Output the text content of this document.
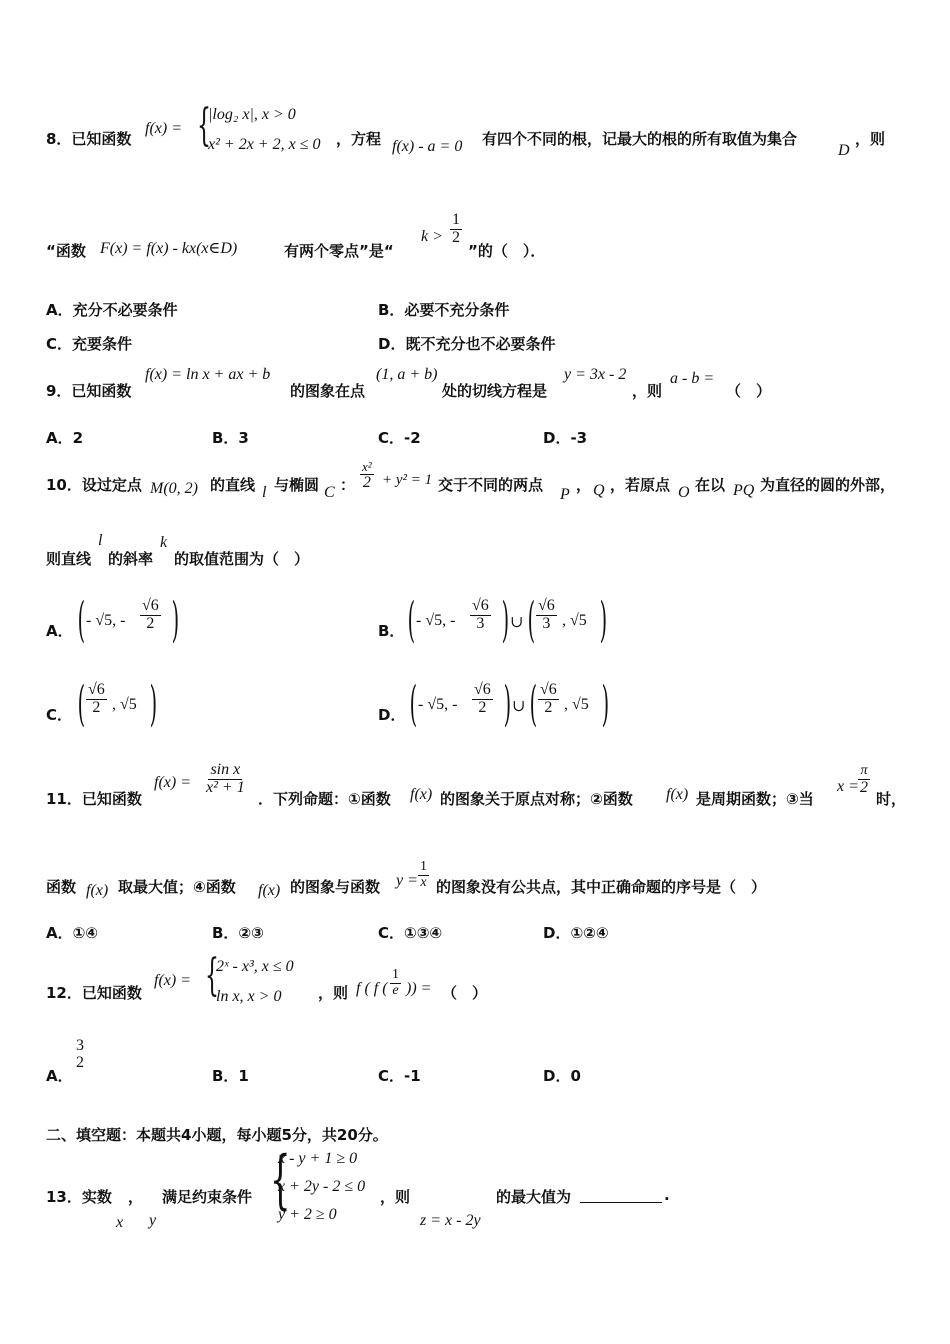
8．已知函数
f(x) = {
|log₂ x|, x > 0
x² + 2x + 2, x ≤ 0 ，方程 f(x) - a = 0 有四个不同的根，记最大的根的所有取值为集合
D
，则
“函数 F(x) = f(x) - kx(x∈D)	有两个零点”是“
$k > \frac{1}{2}$
”的（　）．
A．充分不必要条件	B．必要不充分条件
C．充要条件	D．既不充分也不必要条件
9．已知函数
f(x) = ln x + ax + b
的图象在点
(1, a + b)
处的切线方程是
y = 3x - 2
，则
a - b =
（　）
A．2	B．3	C．-2	D．-3
10．设过定点 M(0, 2) 的直线 l 与椭圆 C ：
x²
2 + y² = 1 交于不同的两点
P
， Q ，若原点 O 在以 PQ 为直径的圆的外部，
则直线
l
的斜率
k
的取值范围为（　）
A． ( - √5, - $\frac{√6}{2}$ )	B． ( - √5, - $\frac{√6}{3}$ ) ∪ ( $\frac{√6}{3}$ , √5 )
C． ( $\frac{√6}{2}$ , √5 )	D． ( - √5, - $\frac{√6}{2}$ ) ∪ ( $\frac{√6}{2}$ , √5 )
11．已知函数
$f(x) = \frac{\text{sin x}}{\text{x² + 1}}$
．下列命题：①函数 f(x) 的图象关于原点对称；②函数 f(x) 是周期函数；③当
$x = \frac{\pi}{2}$
时，
函数 f(x) 取最大值；④函数 f(x) 的图象与函数 $y = \frac{1}{x}$ 的图象没有公共点，其中正确命题的序号是（　）
A．①④	B．②③	C．①③④	D．①②④
12．已知函数
f(x) = {
2ˣ - x³, x ≤ 0
ln x, x > 0 ，则 f ( f ( $\frac{1}{e}$ )) = （　）
A．
3
2
B．1	C．-1	D．0
二、填空题：本题共4小题，每小题5分，共20分。
13．实数
x
，
y
满足约束条件 {
x - y + 1 ≥ 0
x + 2y - 2 ≤ 0
y + 2 ≥ 0
，则
z = x - 2y
的最大值为	.
